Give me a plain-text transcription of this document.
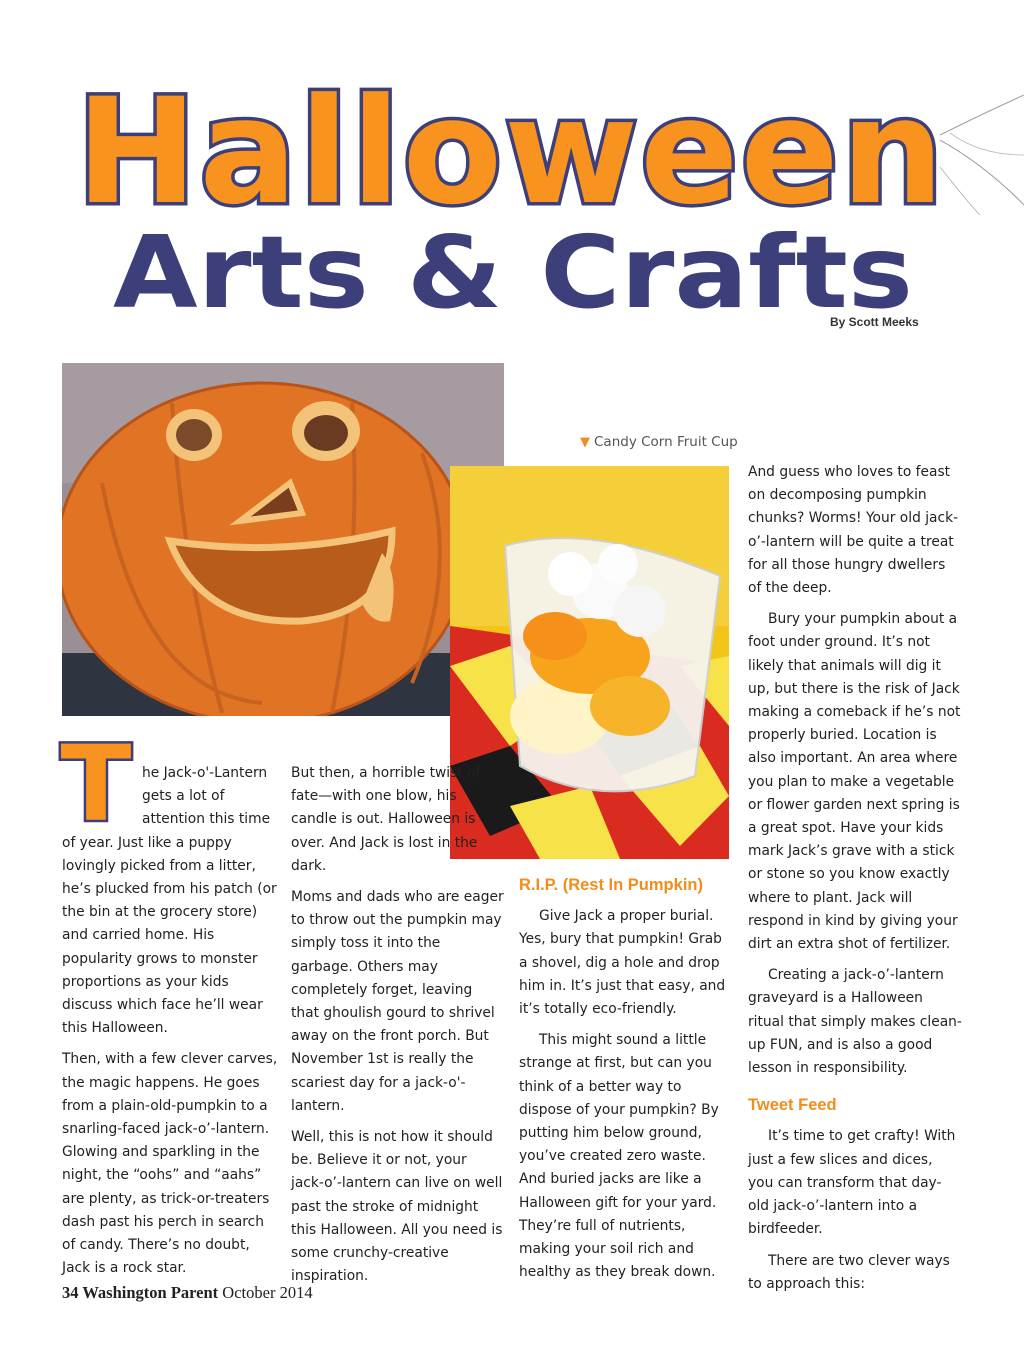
Halloween
Arts & Crafts
By Scott Meeks
▼ Candy Corn Fruit Cup
T he Jack-o'-Lantern
gets a lot of
attention this time

of year. Just like a puppy lovingly picked from a litter, he’s plucked from his patch (or the bin at the grocery store) and carried home. His popularity grows to monster proportions as your kids discuss which face he’ll wear this Halloween.

Then, with a few clever carves, the magic happens. He goes from a plain-old-pumpkin to a snarling-faced jack-o’-lantern. Glowing and sparkling in the night, the “oohs” and “aahs” are plenty, as trick-or-treaters dash past his perch in search of candy. There’s no doubt, Jack is a rock star.

But then, a horrible twist of fate—with one blow, his candle is out. Halloween is over. And Jack is lost in the dark.

Moms and dads who are eager to throw out the pumpkin may simply toss it into the garbage. Others may completely forget, leaving that ghoulish gourd to shrivel away on the front porch. But November 1st is really the scariest day for a jack-o'-lantern.

Well, this is not how it should be. Believe it or not, your jack-o’-lantern can live on well past the stroke of midnight this Halloween. All you need is some crunchy-creative inspiration.

R.I.P. (Rest In Pumpkin)

Give Jack a proper burial. Yes, bury that pumpkin! Grab a shovel, dig a hole and drop him in. It’s just that easy, and it’s totally eco-friendly.

This might sound a little strange at first, but can you think of a better way to dispose of your pumpkin? By putting him below ground, you’ve created zero waste. And buried jacks are like a Halloween gift for your yard. They’re full of nutrients, making your soil rich and healthy as they break down.

And guess who loves to feast on decomposing pumpkin chunks? Worms! Your old jack-o’-lantern will be quite a treat for all those hungry dwellers of the deep.

Bury your pumpkin about a foot under ground. It’s not likely that animals will dig it up, but there is the risk of Jack making a comeback if he’s not properly buried. Location is also important. An area where you plan to make a vegetable or flower garden next spring is a great spot. Have your kids mark Jack’s grave with a stick or stone so you know exactly where to plant. Jack will respond in kind by giving your dirt an extra shot of fertilizer.

Creating a jack-o’-lantern graveyard is a Halloween ritual that simply makes clean-up FUN, and is also a good lesson in responsibility.

Tweet Feed

It’s time to get crafty! With just a few slices and dices, you can transform that day-old jack-o’-lantern into a birdfeeder.

There are two clever ways to approach this:

34 Washington Parent October 2014
